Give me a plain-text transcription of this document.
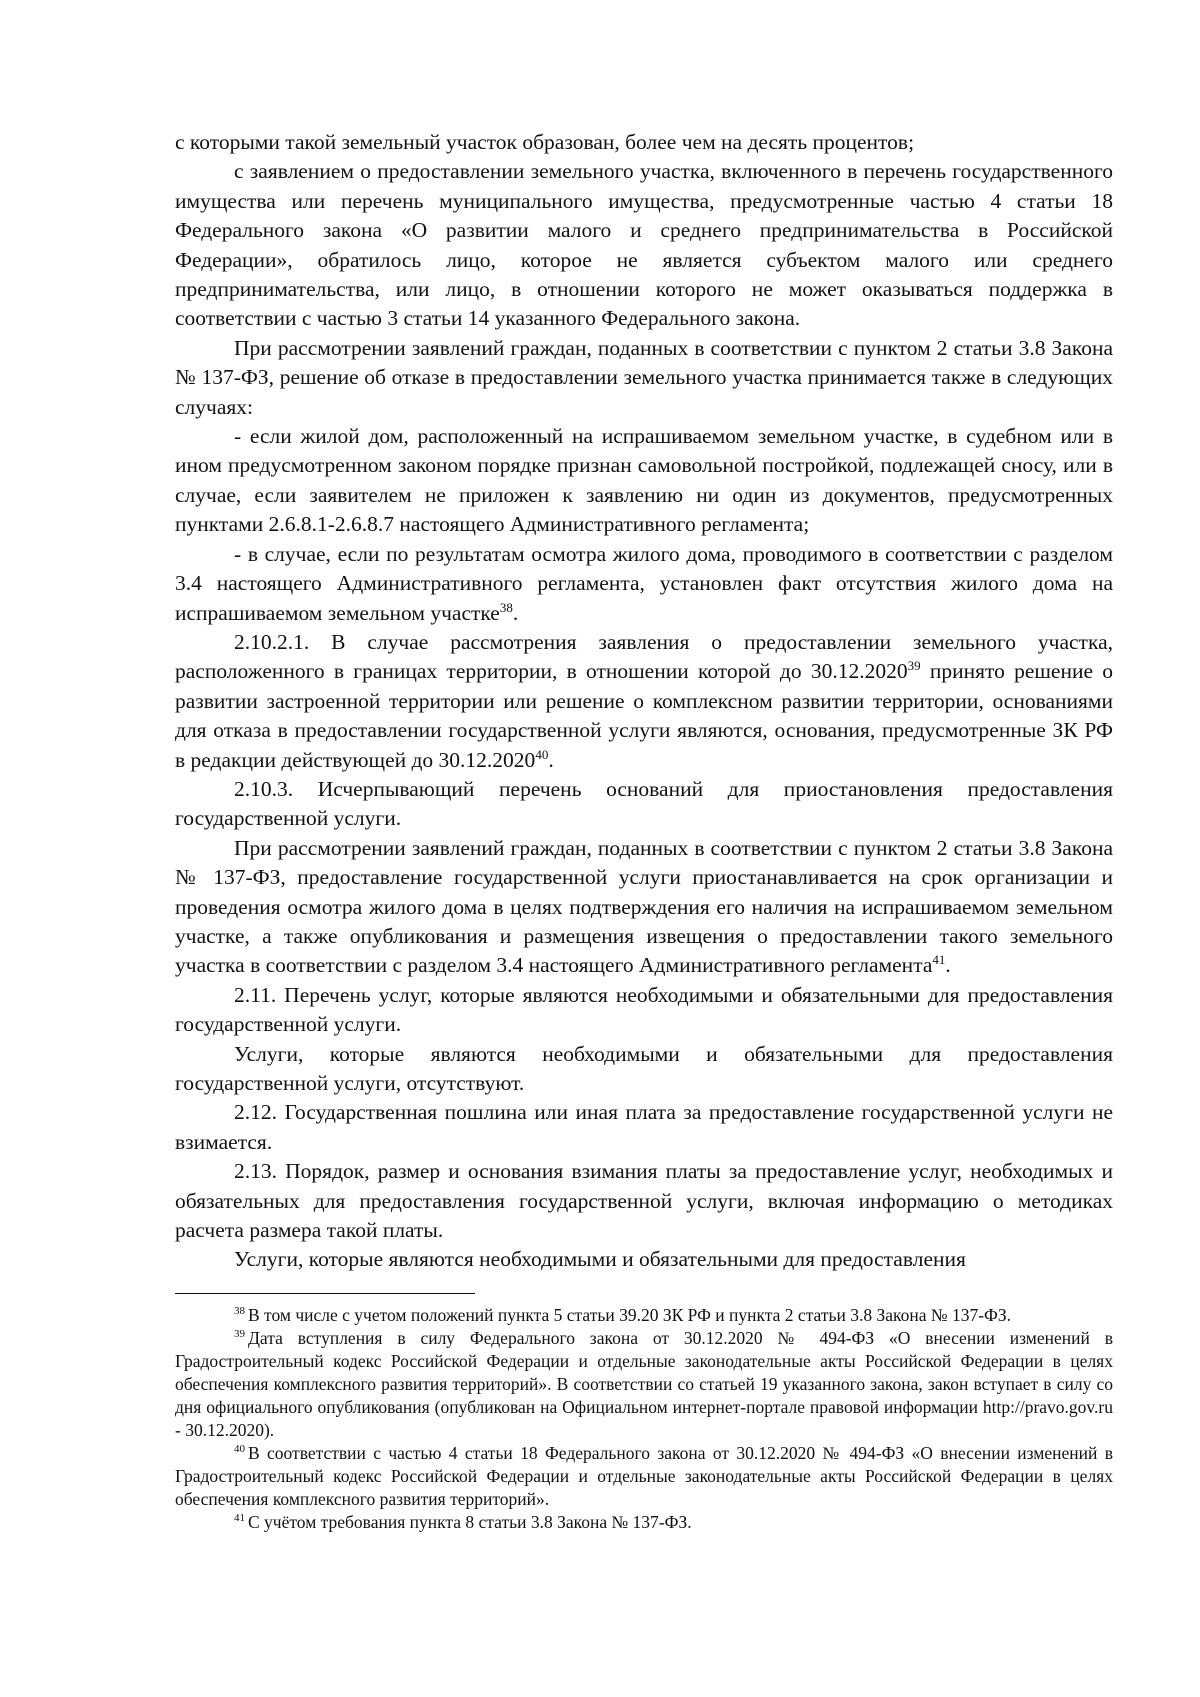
с которыми такой земельный участок образован, более чем на десять процентов;

с заявлением о предоставлении земельного участка, включенного в перечень государственного имущества или перечень муниципального имущества, предусмотренные частью 4 статьи 18 Федерального закона «О развитии малого и среднего предпринимательства в Российской Федерации», обратилось лицо, которое не является субъектом малого или среднего предпринимательства, или лицо, в отношении которого не может оказываться поддержка в соответствии с частью 3 статьи 14 указанного Федерального закона.

При рассмотрении заявлений граждан, поданных в соответствии с пунктом 2 статьи 3.8 Закона № 137-ФЗ, решение об отказе в предоставлении земельного участка принимается также в следующих случаях:

- если жилой дом, расположенный на испрашиваемом земельном участке, в судебном или в ином предусмотренном законом порядке признан самовольной постройкой, подлежащей сносу, или в случае, если заявителем не приложен к заявлению ни один из документов, предусмотренных пунктами 2.6.8.1-2.6.8.7 настоящего Административного регламента;

- в случае, если по результатам осмотра жилого дома, проводимого в соответствии с разделом 3.4 настоящего Административного регламента, установлен факт отсутствия жилого дома на испрашиваемом земельном участке$^{38}$.

2.10.2.1. В случае рассмотрения заявления о предоставлении земельного участка, расположенного в границах территории, в отношении которой до 30.12.2020$^{39}$ принято решение о развитии застроенной территории или решение о комплексном развитии территории, основаниями для отказа в предоставлении государственной услуги являются, основания, предусмотренные ЗК РФ в редакции действующей до 30.12.2020$^{40}$.

2.10.3. Исчерпывающий перечень оснований для приостановления предоставления государственной услуги.

При рассмотрении заявлений граждан, поданных в соответствии с пунктом 2 статьи 3.8 Закона № 137-ФЗ, предоставление государственной услуги приостанавливается на срок организации и проведения осмотра жилого дома в целях подтверждения его наличия на испрашиваемом земельном участке, а также опубликования и размещения извещения о предоставлении такого земельного участка в соответствии с разделом 3.4 настоящего Административного регламента$^{41}$.

2.11. Перечень услуг, которые являются необходимыми и обязательными для предоставления государственной услуги.

Услуги, которые являются необходимыми и обязательными для предоставления государственной услуги, отсутствуют.

2.12. Государственная пошлина или иная плата за предоставление государственной услуги не взимается.

2.13. Порядок, размер и основания взимания платы за предоставление услуг, необходимых и обязательных для предоставления государственной услуги, включая информацию о методиках расчета размера такой платы.

Услуги, которые являются необходимыми и обязательными для предоставления

$^{38}$ В том числе с учетом положений пункта 5 статьи 39.20 ЗК РФ и пункта 2 статьи 3.8 Закона № 137-ФЗ.

$^{39}$ Дата вступления в силу Федерального закона от 30.12.2020 № 494-ФЗ «О внесении изменений в Градостроительный кодекс Российской Федерации и отдельные законодательные акты Российской Федерации в целях обеспечения комплексного развития территорий». В соответствии со статьей 19 указанного закона, закон вступает в силу со дня официального опубликования (опубликован на Официальном интернет-портале правовой информации http://pravo.gov.ru - 30.12.2020).

$^{40}$ В соответствии с частью 4 статьи 18 Федерального закона от 30.12.2020 № 494-ФЗ «О внесении изменений в Градостроительный кодекс Российской Федерации и отдельные законодательные акты Российской Федерации в целях обеспечения комплексного развития территорий».

$^{41}$ С учётом требования пункта 8 статьи 3.8 Закона № 137-ФЗ.
